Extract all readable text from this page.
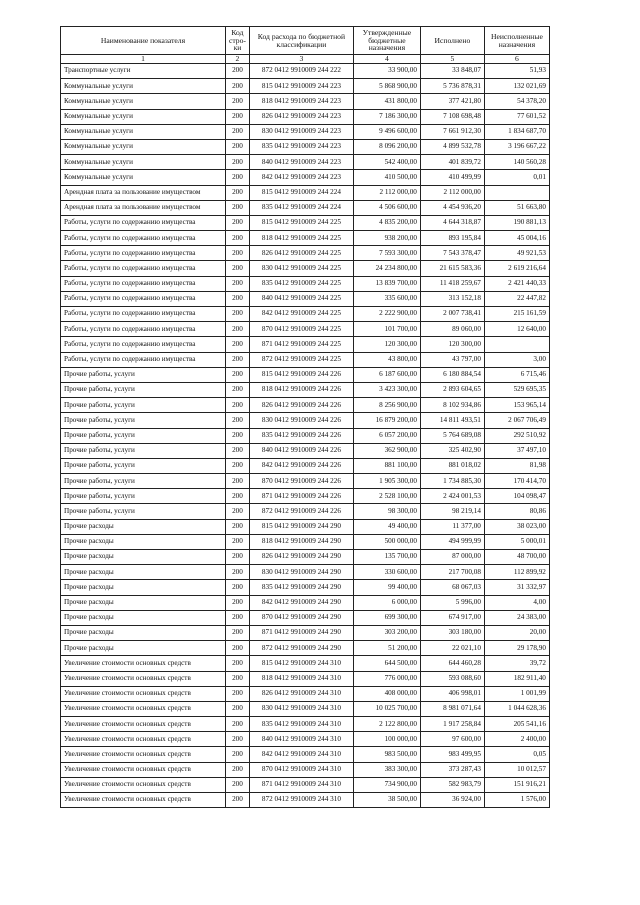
Наименование показателя	Код стро-ки	Код расхода по бюджетной классификации	Утвержденные бюджетные назначения	Исполнено	Неисполненные назначения
1	2	3	4	5	6
Транспортные услуги	200	872 0412 9910009 244 222	33 900,00	33 848,07	51,93
Коммунальные услуги	200	815 0412 9910009 244 223	5 868 900,00	5 736 878,31	132 021,69
Коммунальные услуги	200	818 0412 9910009 244 223	431 800,00	377 421,80	54 378,20
Коммунальные услуги	200	826 0412 9910009 244 223	7 186 300,00	7 108 698,48	77 601,52
Коммунальные услуги	200	830 0412 9910009 244 223	9 496 600,00	7 661 912,30	1 834 687,70
Коммунальные услуги	200	835 0412 9910009 244 223	8 096 200,00	4 899 532,78	3 196 667,22
Коммунальные услуги	200	840 0412 9910009 244 223	542 400,00	401 839,72	140 560,28
Коммунальные услуги	200	842 0412 9910009 244 223	410 500,00	410 499,99	0,01
Арендная плата за пользование имуществом	200	815 0412 9910009 244 224	2 112 000,00	2 112 000,00	
Арендная плата за пользование имуществом	200	835 0412 9910009 244 224	4 506 600,00	4 454 936,20	51 663,80
Работы, услуги по содержанию имущества	200	815 0412 9910009 244 225	4 835 200,00	4 644 318,87	190 881,13
Работы, услуги по содержанию имущества	200	818 0412 9910009 244 225	938 200,00	893 195,84	45 004,16
Работы, услуги по содержанию имущества	200	826 0412 9910009 244 225	7 593 300,00	7 543 378,47	49 921,53
Работы, услуги по содержанию имущества	200	830 0412 9910009 244 225	24 234 800,00	21 615 583,36	2 619 216,64
Работы, услуги по содержанию имущества	200	835 0412 9910009 244 225	13 839 700,00	11 418 259,67	2 421 440,33
Работы, услуги по содержанию имущества	200	840 0412 9910009 244 225	335 600,00	313 152,18	22 447,82
Работы, услуги по содержанию имущества	200	842 0412 9910009 244 225	2 222 900,00	2 007 738,41	215 161,59
Работы, услуги по содержанию имущества	200	870 0412 9910009 244 225	101 700,00	89 060,00	12 640,00
Работы, услуги по содержанию имущества	200	871 0412 9910009 244 225	120 300,00	120 300,00	
Работы, услуги по содержанию имущества	200	872 0412 9910009 244 225	43 800,00	43 797,00	3,00
Прочие работы, услуги	200	815 0412 9910009 244 226	6 187 600,00	6 180 884,54	6 715,46
Прочие работы, услуги	200	818 0412 9910009 244 226	3 423 300,00	2 893 604,65	529 695,35
Прочие работы, услуги	200	826 0412 9910009 244 226	8 256 900,00	8 102 934,86	153 965,14
Прочие работы, услуги	200	830 0412 9910009 244 226	16 879 200,00	14 811 493,51	2 067 706,49
Прочие работы, услуги	200	835 0412 9910009 244 226	6 057 200,00	5 764 689,08	292 510,92
Прочие работы, услуги	200	840 0412 9910009 244 226	362 900,00	325 402,90	37 497,10
Прочие работы, услуги	200	842 0412 9910009 244 226	881 100,00	881 018,02	81,98
Прочие работы, услуги	200	870 0412 9910009 244 226	1 905 300,00	1 734 885,30	170 414,70
Прочие работы, услуги	200	871 0412 9910009 244 226	2 528 100,00	2 424 001,53	104 098,47
Прочие работы, услуги	200	872 0412 9910009 244 226	98 300,00	98 219,14	80,86
Прочие расходы	200	815 0412 9910009 244 290	49 400,00	11 377,00	38 023,00
Прочие расходы	200	818 0412 9910009 244 290	500 000,00	494 999,99	5 000,01
Прочие расходы	200	826 0412 9910009 244 290	135 700,00	87 000,00	48 700,00
Прочие расходы	200	830 0412 9910009 244 290	330 600,00	217 700,08	112 899,92
Прочие расходы	200	835 0412 9910009 244 290	99 400,00	68 067,03	31 332,97
Прочие расходы	200	842 0412 9910009 244 290	6 000,00	5 996,00	4,00
Прочие расходы	200	870 0412 9910009 244 290	699 300,00	674 917,00	24 383,00
Прочие расходы	200	871 0412 9910009 244 290	303 200,00	303 180,00	20,00
Прочие расходы	200	872 0412 9910009 244 290	51 200,00	22 021,10	29 178,90
Увеличение стоимости основных средств	200	815 0412 9910009 244 310	644 500,00	644 460,28	39,72
Увеличение стоимости основных средств	200	818 0412 9910009 244 310	776 000,00	593 088,60	182 911,40
Увеличение стоимости основных средств	200	826 0412 9910009 244 310	408 000,00	406 998,01	1 001,99
Увеличение стоимости основных средств	200	830 0412 9910009 244 310	10 025 700,00	8 981 071,64	1 044 628,36
Увеличение стоимости основных средств	200	835 0412 9910009 244 310	2 122 800,00	1 917 258,84	205 541,16
Увеличение стоимости основных средств	200	840 0412 9910009 244 310	100 000,00	97 600,00	2 400,00
Увеличение стоимости основных средств	200	842 0412 9910009 244 310	983 500,00	983 499,95	0,05
Увеличение стоимости основных средств	200	870 0412 9910009 244 310	383 300,00	373 287,43	10 012,57
Увеличение стоимости основных средств	200	871 0412 9910009 244 310	734 900,00	582 983,79	151 916,21
Увеличение стоимости основных средств	200	872 0412 9910009 244 310	38 500,00	36 924,00	1 576,00
